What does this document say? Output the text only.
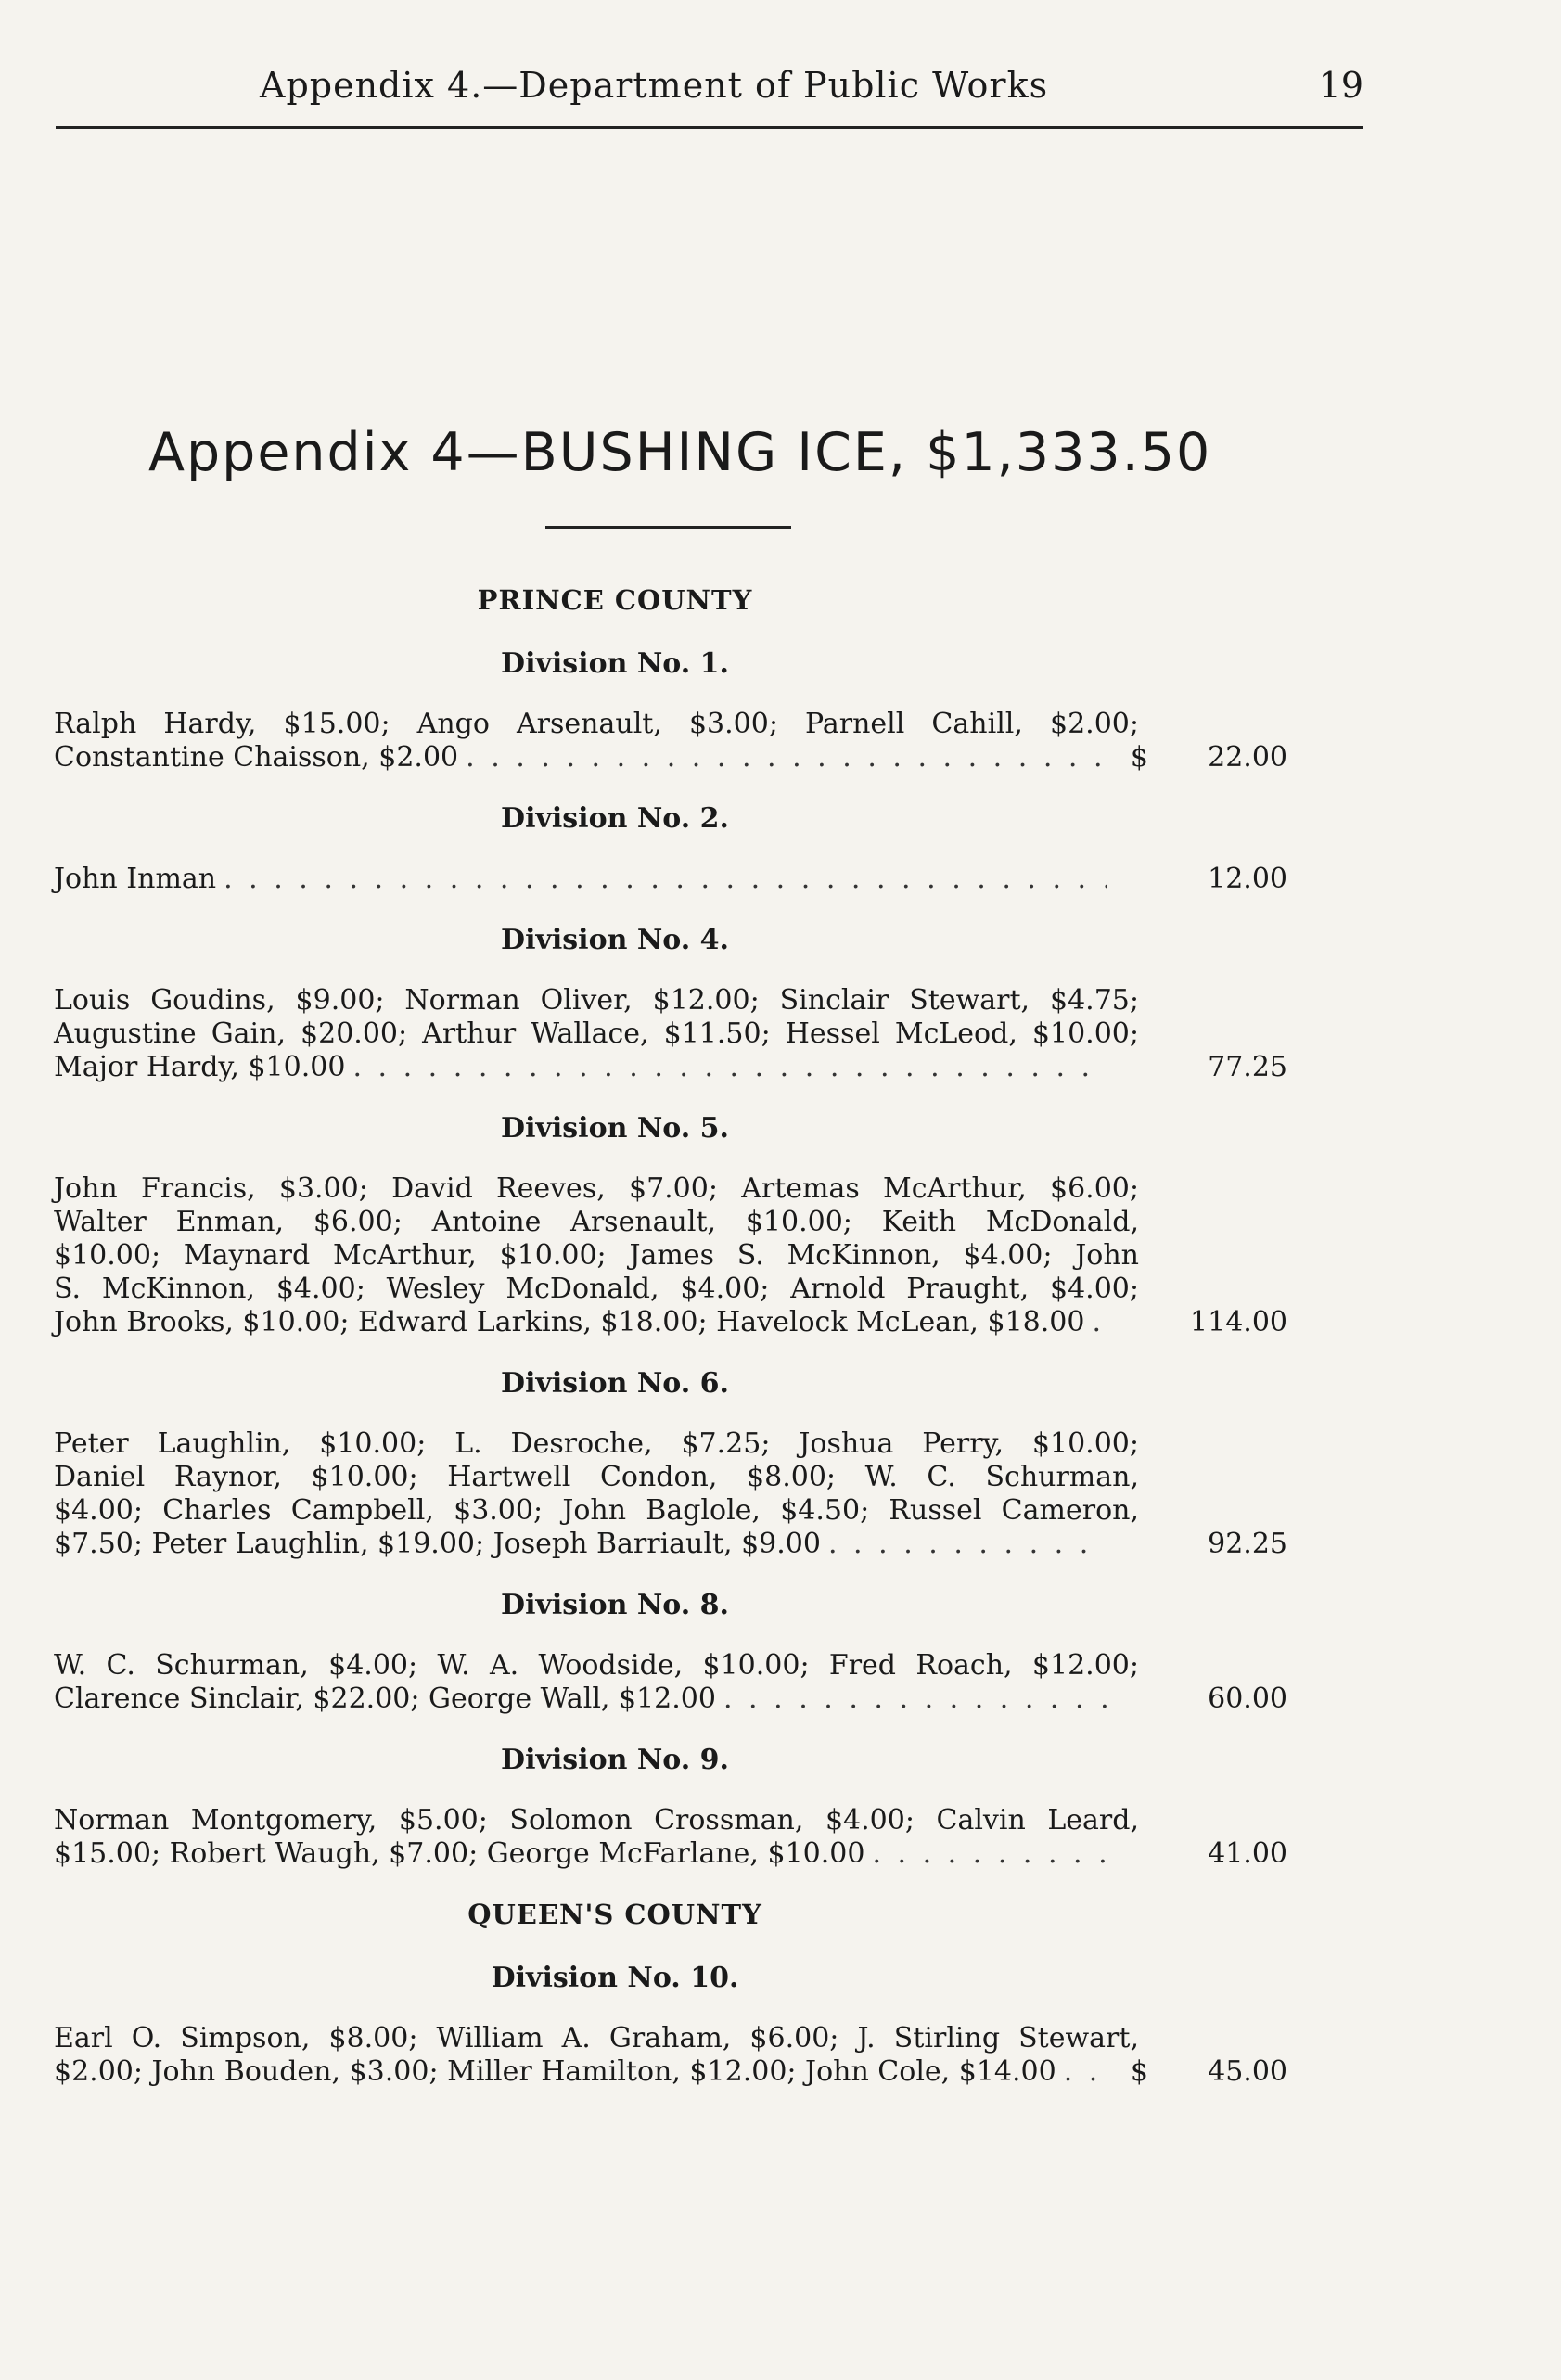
Appendix 4.—Department of Public Works	19
Appendix 4—BUSHING ICE, $1,333.50
PRINCE COUNTY
Division No. 1.
Ralph Hardy, $15.00; Ango Arsenault, $3.00; Parnell Cahill, $2.00;
Constantine Chaisson, $2.00 . . .	$	22.00
Division No. 2.
John Inman . . .	12.00
Division No. 4.
Louis Goudins, $9.00; Norman Oliver, $12.00; Sinclair Stewart, $4.75;
Augustine Gain, $20.00; Arthur Wallace, $11.50; Hessel McLeod, $10.00;
Major Hardy, $10.00 . . .	77.25
Division No. 5.
John Francis, $3.00; David Reeves, $7.00; Artemas McArthur, $6.00;
Walter Enman, $6.00; Antoine Arsenault, $10.00; Keith McDonald,
$10.00; Maynard McArthur, $10.00; James S. McKinnon, $4.00; John
S. McKinnon, $4.00; Wesley McDonald, $4.00; Arnold Praught, $4.00;
John Brooks, $10.00; Edward Larkins, $18.00; Havelock McLean, $18.00 . . .	114.00
Division No. 6.
Peter Laughlin, $10.00; L. Desroche, $7.25; Joshua Perry, $10.00;
Daniel Raynor, $10.00; Hartwell Condon, $8.00; W. C. Schurman,
$4.00; Charles Campbell, $3.00; John Baglole, $4.50; Russel Cameron,
$7.50; Peter Laughlin, $19.00; Joseph Barriault, $9.00 . . .	92.25
Division No. 8.
W. C. Schurman, $4.00; W. A. Woodside, $10.00; Fred Roach, $12.00;
Clarence Sinclair, $22.00; George Wall, $12.00 . . .	60.00
Division No. 9.
Norman Montgomery, $5.00; Solomon Crossman, $4.00; Calvin Leard,
$15.00; Robert Waugh, $7.00; George McFarlane, $10.00 . . .	41.00
QUEEN'S COUNTY
Division No. 10.
Earl O. Simpson, $8.00; William A. Graham, $6.00; J. Stirling Stewart,
$2.00; John Bouden, $3.00; Miller Hamilton, $12.00; John Cole, $14.00 . . .	$	45.00
